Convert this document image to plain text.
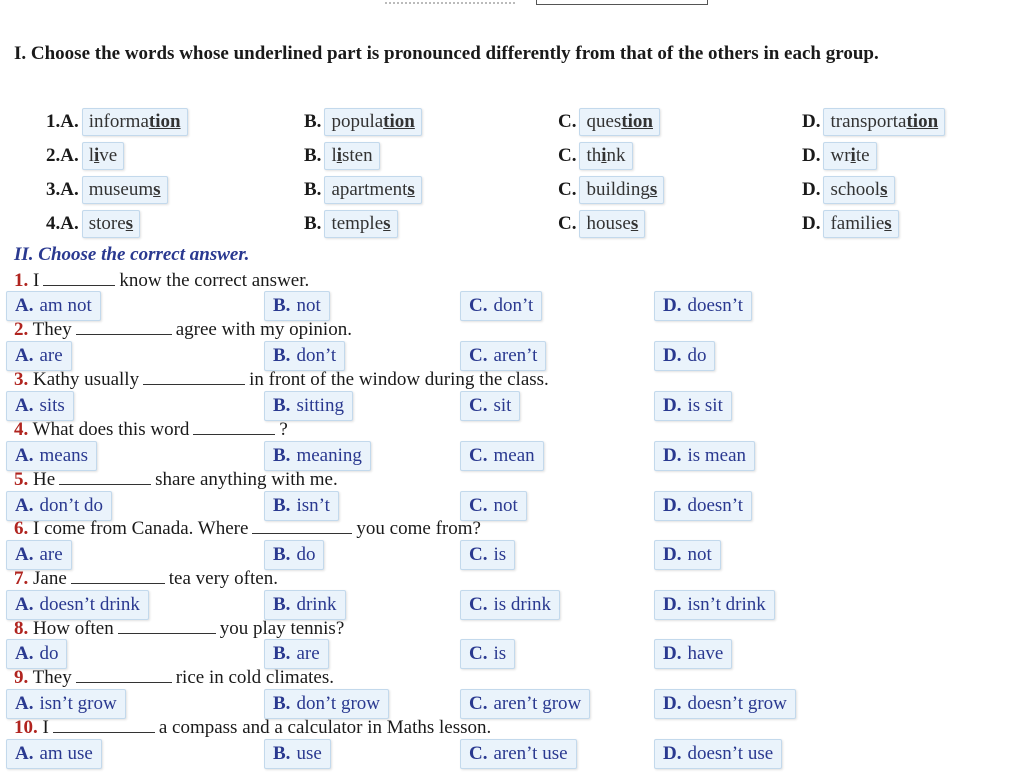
I. Choose the words whose underlined part is pronounced differently from that of the others in each group.
1. A. information	B. population	C. question	D. transportation
2. A. live	B. listen	C. think	D. write
3. A. museums	B. apartments	C. buildings	D. schools
4. A. stores	B. temples	C. houses	D. families
II. Choose the correct answer.
1. I	know the correct answer.
A. am not	B. not	C. don’t	D. doesn’t
2. They	agree with my opinion.
A. are	B. don’t	C. aren’t	D. do
3. Kathy usually	in front of the window during the class.
A. sits	B. sitting	C. sit	D. is sit
4. What does this word	?
A. means	B. meaning	C. mean	D. is mean
5. He	share anything with me.
A. don’t do	B. isn’t	C. not	D. doesn’t
6. I come from Canada. Where	you come from?
A. are	B. do	C. is	D. not
7. Jane	tea very often.
A. doesn’t drink	B. drink	C. is drink	D. isn’t drink
8. How often	you play tennis?
A. do	B. are	C. is	D. have
9. They	rice in cold climates.
A. isn’t grow	B. don’t grow	C. aren’t grow	D. doesn’t grow
10. I	a compass and a calculator in Maths lesson.
A. am use	B. use	C. aren’t use	D. doesn’t use
